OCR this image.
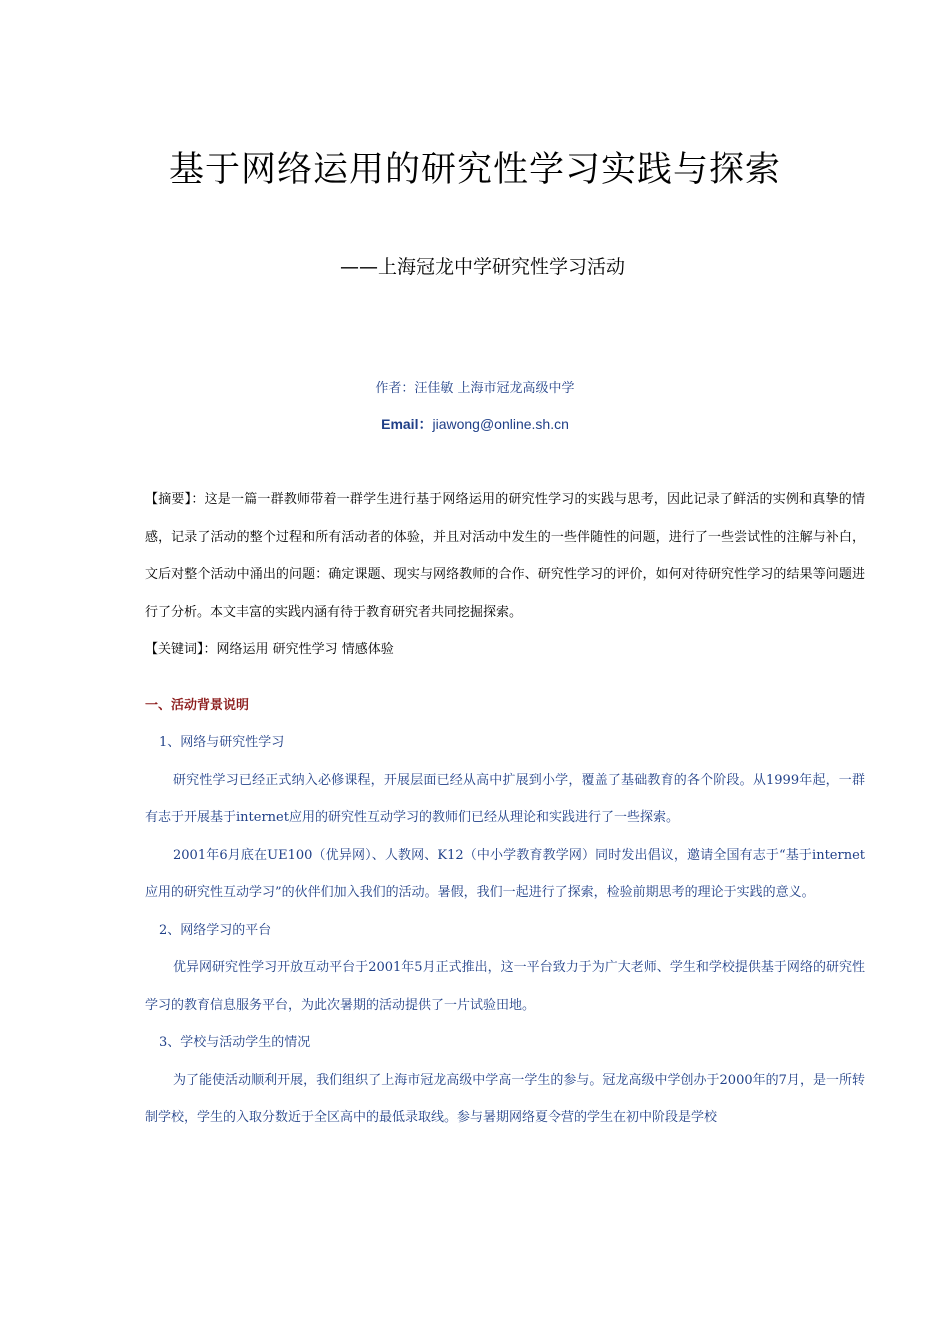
基于网络运用的研究性学习实践与探索
——上海冠龙中学研究性学习活动
作者：汪佳敏 上海市冠龙高级中学
Email：jiawong@online.sh.cn

【摘要】：这是一篇一群教师带着一群学生进行基于网络运用的研究性学习的实践与思考，因此记录了鲜活的实例和真挚的情感，记录了活动的整个过程和所有活动者的体验，并且对活动中发生的一些伴随性的问题，进行了一些尝试性的注解与补白，文后对整个活动中涌出的问题：确定课题、现实与网络教师的合作、研究性学习的评价，如何对待研究性学习的结果等问题进行了分析。本文丰富的实践内涵有待于教育研究者共同挖掘探索。

【关键词】：网络运用 研究性学习 情感体验

一、活动背景说明

1、网络与研究性学习

研究性学习已经正式纳入必修课程，开展层面已经从高中扩展到小学，覆盖了基础教育的各个阶段。从1999年起，一群有志于开展基于internet应用的研究性互动学习的教师们已经从理论和实践进行了一些探索。

2001年6月底在UE100（优异网）、人教网、K12（中小学教育教学网）同时发出倡议，邀请全国有志于“基于internet应用的研究性互动学习”的伙伴们加入我们的活动。暑假，我们一起进行了探索，检验前期思考的理论于实践的意义。

2、网络学习的平台

优异网研究性学习开放互动平台于2001年5月正式推出，这一平台致力于为广大老师、学生和学校提供基于网络的研究性学习的教育信息服务平台，为此次暑期的活动提供了一片试验田地。

3、学校与活动学生的情况

为了能使活动顺利开展，我们组织了上海市冠龙高级中学高一学生的参与。冠龙高级中学创办于2000年的7月，是一所转制学校，学生的入取分数近于全区高中的最低录取线。参与暑期网络夏令营的学生在初中阶段是学校
